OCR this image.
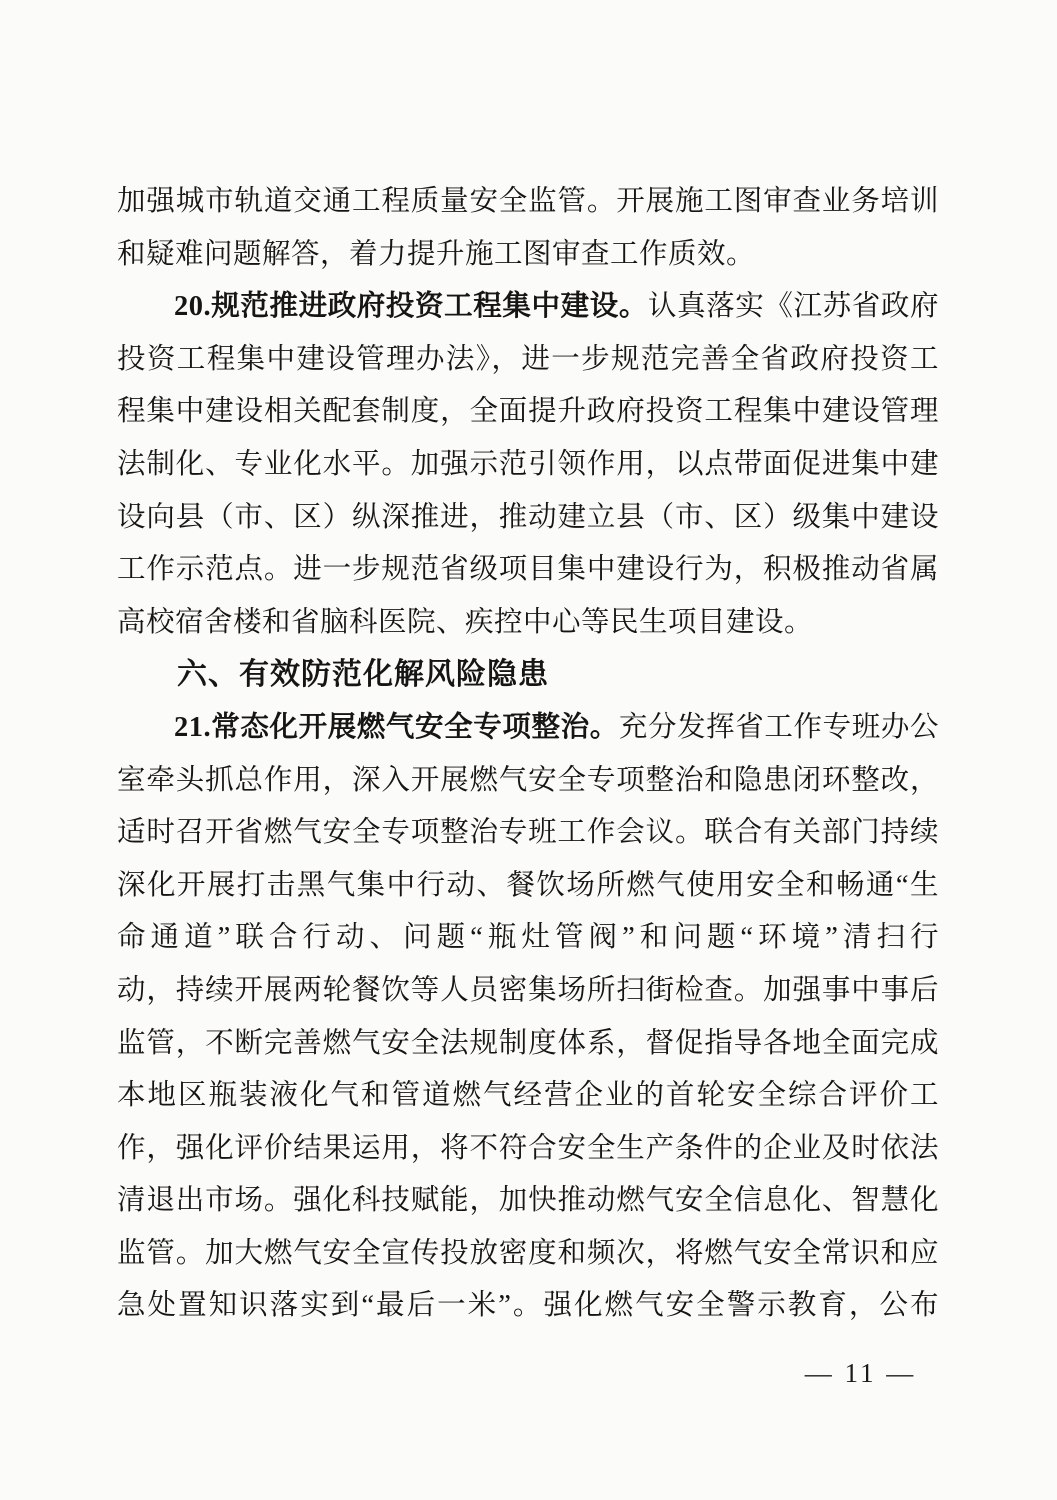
加强城市轨道交通工程质量安全监管。开展施工图审查业务培训
和疑难问题解答，着力提升施工图审查工作质效。
20.规范推进政府投资工程集中建设。认真落实《江苏省政府
投资工程集中建设管理办法》，进一步规范完善全省政府投资工
程集中建设相关配套制度，全面提升政府投资工程集中建设管理
法制化、专业化水平。加强示范引领作用，以点带面促进集中建
设向县（市、区）纵深推进，推动建立县（市、区）级集中建设
工作示范点。进一步规范省级项目集中建设行为，积极推动省属
高校宿舍楼和省脑科医院、疾控中心等民生项目建设。
六、有效防范化解风险隐患
21.常态化开展燃气安全专项整治。充分发挥省工作专班办公
室牵头抓总作用，深入开展燃气安全专项整治和隐患闭环整改，
适时召开省燃气安全专项整治专班工作会议。联合有关部门持续
深化开展打击黑气集中行动、餐饮场所燃气使用安全和畅通“生
命通道”联合行动、问题“瓶灶管阀”和问题“环境”清扫行
动，持续开展两轮餐饮等人员密集场所扫街检查。加强事中事后
监管，不断完善燃气安全法规制度体系，督促指导各地全面完成
本地区瓶装液化气和管道燃气经营企业的首轮安全综合评价工
作，强化评价结果运用，将不符合安全生产条件的企业及时依法
清退出市场。强化科技赋能，加快推动燃气安全信息化、智慧化
监管。加大燃气安全宣传投放密度和频次，将燃气安全常识和应
急处置知识落实到“最后一米”。强化燃气安全警示教育，公布
— 11 —
